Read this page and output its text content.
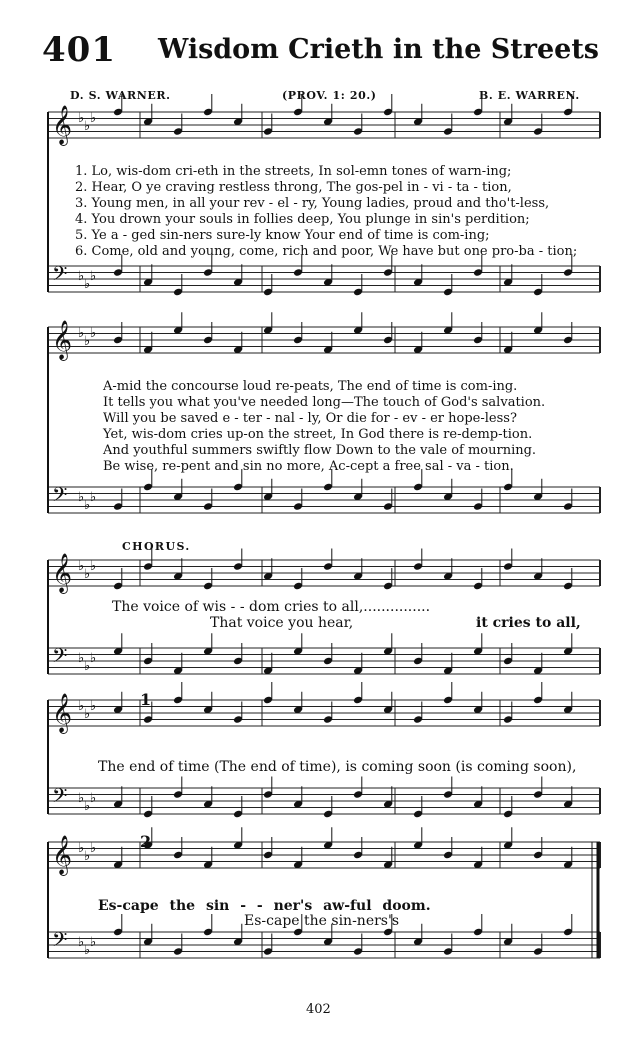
401 Wisdom Crieth in the Streets
D. S. WARNER.	(PROV. 1: 20.)	B. E. WARREN.
𝄞 ♭
♭
♭
𝄢 ♭
♭
♭
𝄞 ♭
♭
♭
𝄢 ♭
♭
♭
𝄞 ♭
♭
♭
𝄢 ♭
♭
♭
𝄞 ♭
♭
♭
𝄢 ♭
♭
♭
𝄞 ♭
♭
♭
𝄢 ♭
♭
♭
1. Lo, wis-dom cri-eth in the streets, In sol-emn tones of warn-ing;
2. Hear, O ye craving restless throng, The gos-pel in - vi - ta - tion,
3. Young men, in all your rev - el - ry, Young ladies, proud and tho't-less,
4. You drown your souls in follies deep, You plunge in sin's perdition;
5. Ye a - ged sin-ners sure-ly know Your end of time is com-ing;
6. Come, old and young, come, rich and poor, We have but one pro-ba - tion;
A-mid the concourse loud re-peats, The end of time is com-ing.
It tells you what you've needed long—The touch of God's salvation.
Will you be saved e - ter - nal - ly, Or die for - ev - er hope-less?
Yet, wis-dom cries up-on the street, In God there is re-demp-tion.
And youthful summers swiftly flow Down to the vale of mourning.
Be wise, re-pent and sin no more, Ac-cept a free sal - va - tion.
CHORUS.
The voice of wis - - dom cries to all,...............
That voice you hear,	it cries to all,
1
The end of time (The end of time), is coming soon (is coming soon),
2
Es-cape the sin - - ner's aw-ful doom.
Es-cape the sin-ners's
402
